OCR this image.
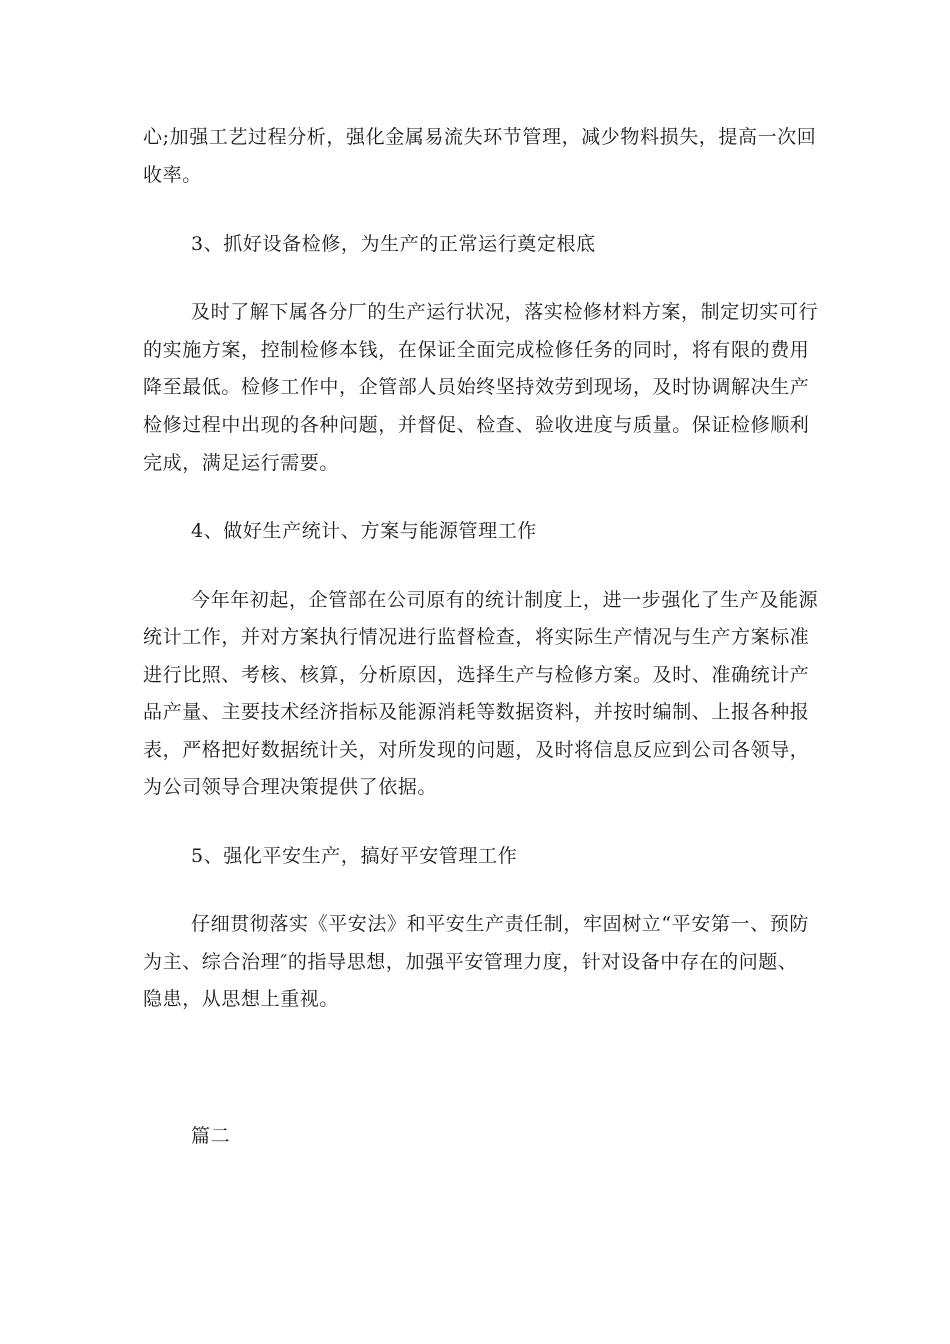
心;加强工艺过程分析，强化金属易流失环节管理，减少物料损失，提高一次回
收率。
3、抓好设备检修，为生产的正常运行奠定根底
及时了解下属各分厂的生产运行状况，落实检修材料方案，制定切实可行
的实施方案，控制检修本钱，在保证全面完成检修任务的同时，将有限的费用
降至最低。检修工作中，企管部人员始终坚持效劳到现场，及时协调解决生产
检修过程中出现的各种问题，并督促、检查、验收进度与质量。保证检修顺利
完成，满足运行需要。
4、做好生产统计、方案与能源管理工作
今年年初起，企管部在公司原有的统计制度上，进一步强化了生产及能源
统计工作，并对方案执行情况进行监督检查，将实际生产情况与生产方案标准
进行比照、考核、核算，分析原因，选择生产与检修方案。及时、准确统计产
品产量、主要技术经济指标及能源消耗等数据资料，并按时编制、上报各种报
表，严格把好数据统计关，对所发现的问题，及时将信息反应到公司各领导，
为公司领导合理决策提供了依据。
5、强化平安生产，搞好平安管理工作
仔细贯彻落实《平安法》和平安生产责任制，牢固树立“平安第一、预防
为主、综合治理″的指导思想，加强平安管理力度，针对设备中存在的问题、
隐患，从思想上重视。
篇二
